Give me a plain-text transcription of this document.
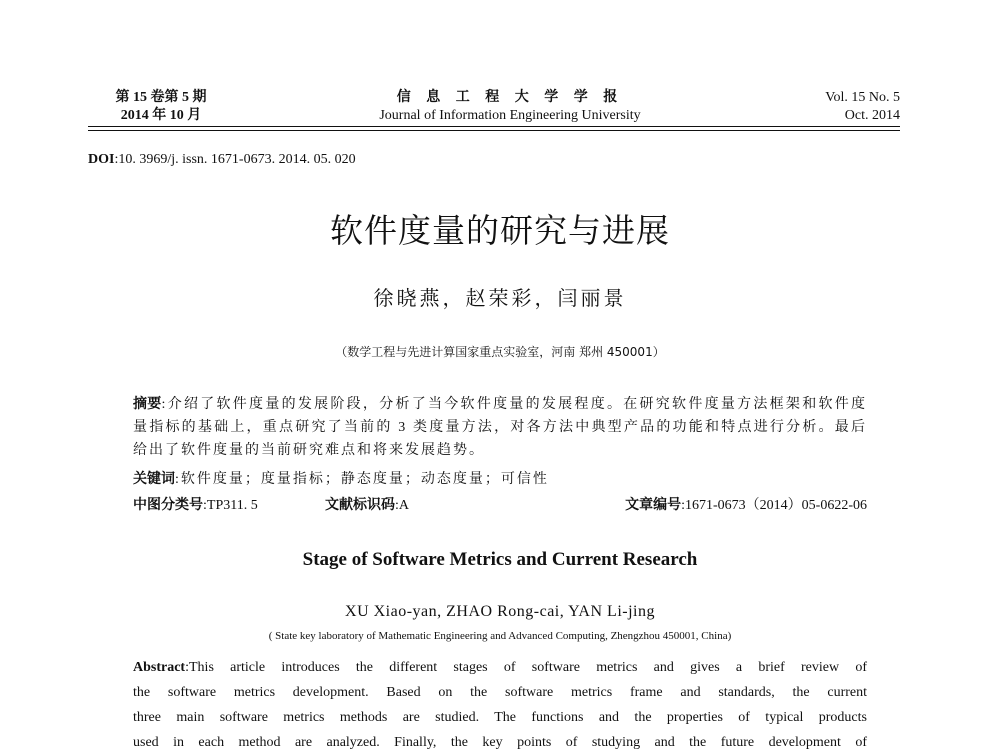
第 15 卷第 5 期
2014 年 10 月
信 息 工 程 大 学 学 报
Journal of Information Engineering University
Vol. 15 No. 5
Oct. 2014
DOI:10. 3969/j. issn. 1671-0673. 2014. 05. 020
软件度量的研究与进展
徐晓燕，赵荣彩，闫丽景
（数学工程与先进计算国家重点实验室，河南 郑州 450001）
摘要:介绍了软件度量的发展阶段，分析了当今软件度量的发展程度。在研究软件度量方法框架和软件度量指标的基础上，重点研究了当前的 3 类度量方法，对各方法中典型产品的功能和特点进行分析。最后给出了软件度量的当前研究难点和将来发展趋势。
关键词:软件度量；度量指标；静态度量；动态度量；可信性
中图分类号:TP311. 5	文献标识码:A	文章编号:1671-0673（2014）05-0622-06
Stage of Software Metrics and Current Research
XU Xiao-yan, ZHAO Rong-cai, YAN Li-jing
( State key laboratory of Mathematic Engineering and Advanced Computing, Zhengzhou 450001, China)
Abstract:This article introduces the different stages of software metrics and gives a brief review of
the software metrics development. Based on the software metrics frame and standards, the current
three main software metrics methods are studied. The functions and the properties of typical products
used in each method are analyzed. Finally, the key points of studying and the future development of
